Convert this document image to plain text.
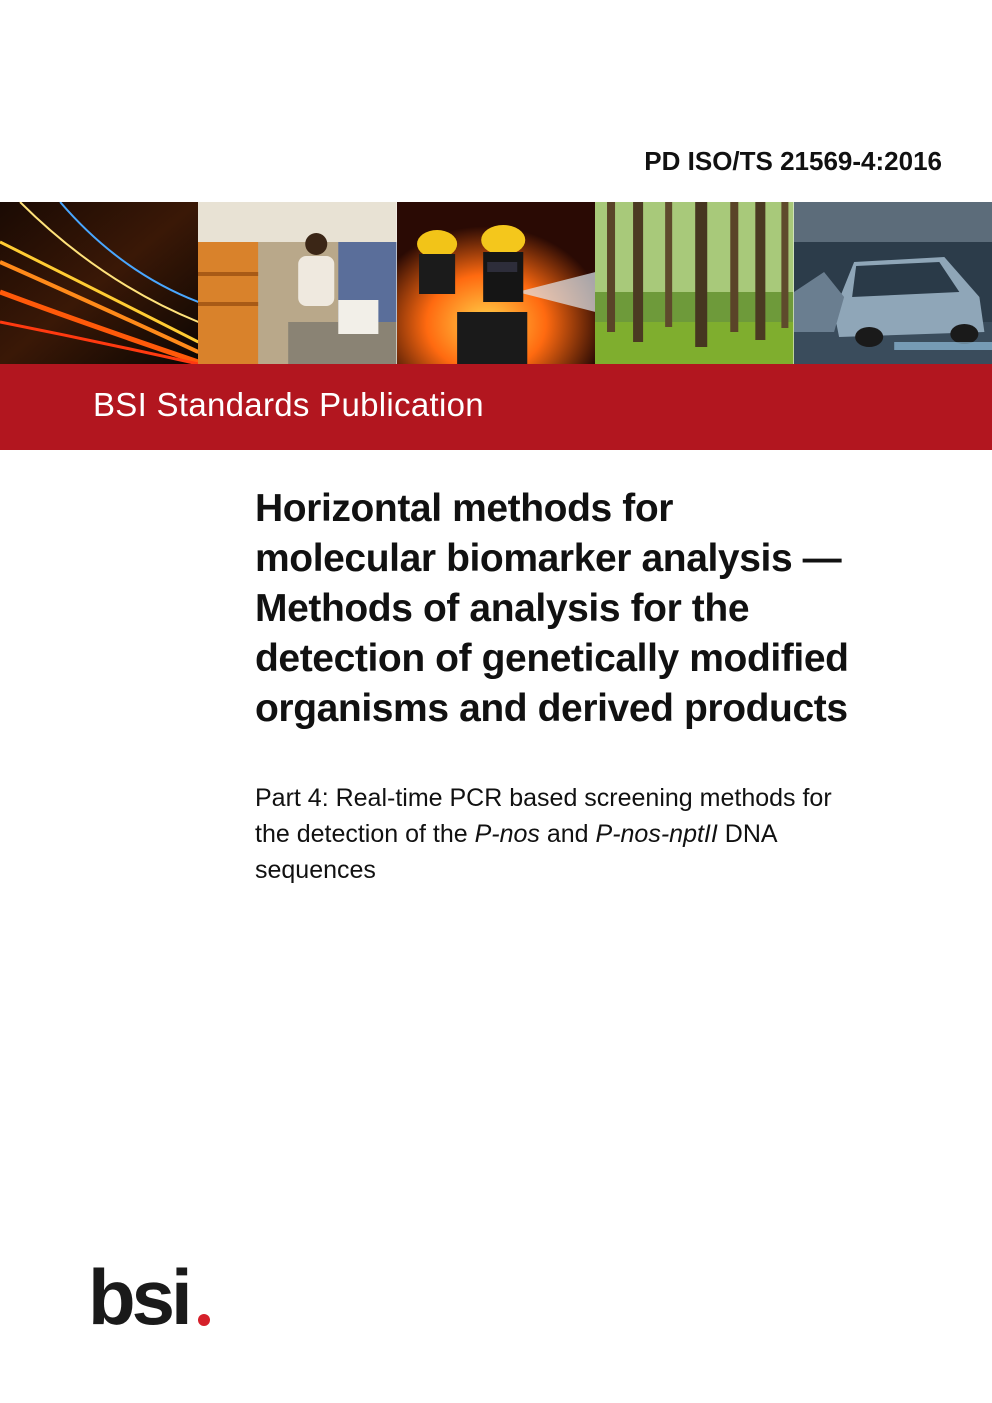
PD ISO/TS 21569-4:2016
BSI Standards Publication
Horizontal methods for
molecular biomarker analysis —
Methods of analysis for the
detection of genetically modified
organisms and derived products
Part 4: Real-time PCR based screening methods for
the detection of the P-nos and P-nos-nptII DNA
sequences
bsi
